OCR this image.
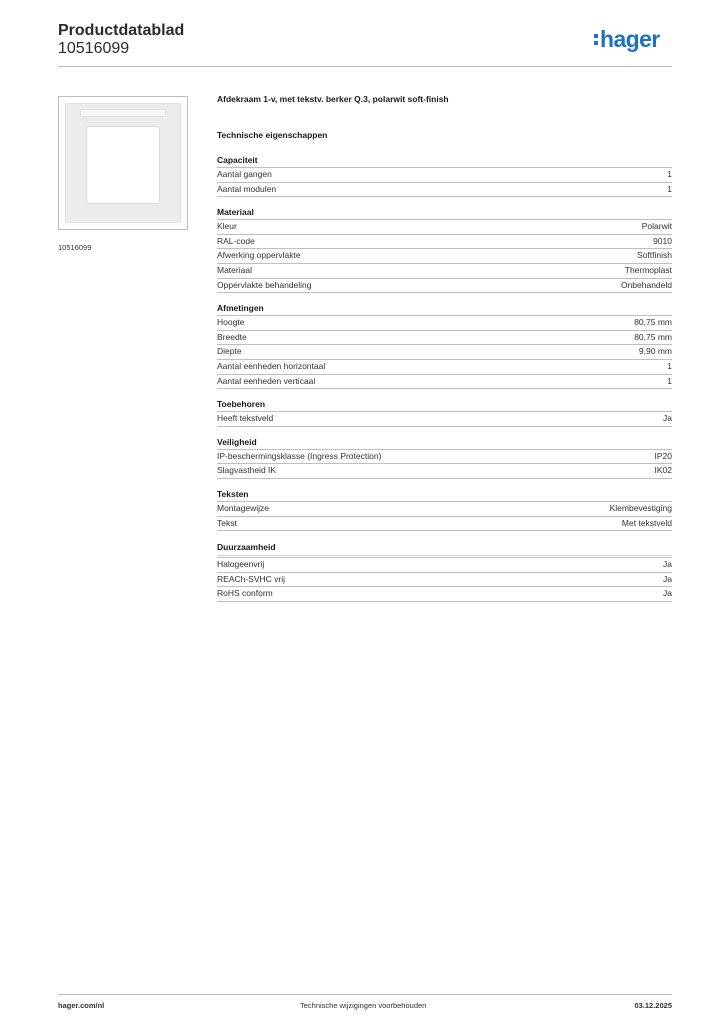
Productdatablad
10516099	hager
10516099
Afdekraam 1-v, met tekstv. berker Q.3, polarwit soft-finish
Technische eigenschappen
Capaciteit
Aantal gangen	1
Aantal modulen	1
Materiaal
Kleur	Polarwit
RAL-code	9010
Afwerking oppervlakte	Softfinish
Materiaal	Thermoplast
Oppervlakte behandeling	Onbehandeld
Afmetingen
Hoogte	80,75 mm
Breedte	80,75 mm
Diepte	9,90 mm
Aantal eenheden horizontaal	1
Aantal eenheden verticaal	1
Toebehoren
Heeft tekstveld	Ja
Veiligheid
IP-beschermingsklasse (Ingress Protection)	IP20
Slagvastheid IK	IK02
Teksten
Montagewijze	Klembevestiging
Tekst	Met tekstveld
Duurzaamheid
Halogeenvrij	Ja
REACh-SVHC vrij	Ja
RoHS conform	Ja
hager.com/nl	Technische wijzigingen voorbehouden	03.12.2025
